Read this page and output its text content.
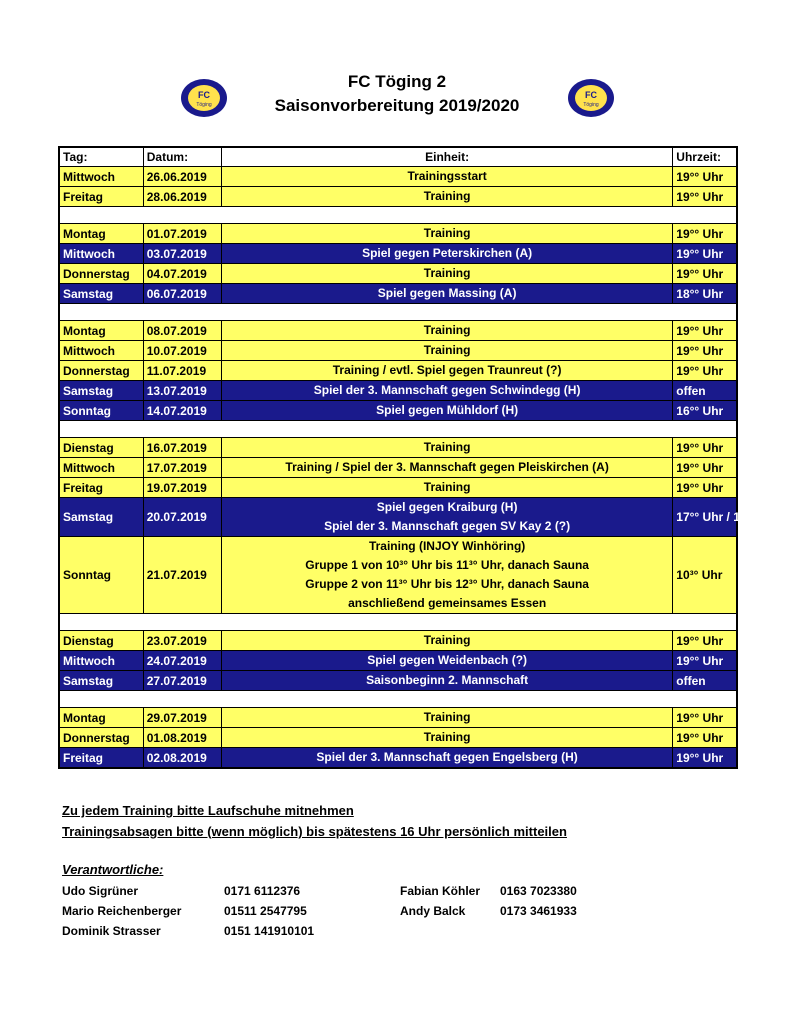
FC Töging 2
Saisonvorbereitung 2019/2020
FC
Töging
FC
Töging
Tag:	Datum:	Einheit:	Uhrzeit:
Mittwoch	26.06.2019	Trainingsstart	19°° Uhr
Freitag	28.06.2019	Training	19°° Uhr

Montag	01.07.2019	Training	19°° Uhr
Mittwoch	03.07.2019	Spiel gegen Peterskirchen (A)	19°° Uhr
Donnerstag	04.07.2019	Training	19°° Uhr
Samstag	06.07.2019	Spiel gegen Massing (A)	18°° Uhr

Montag	08.07.2019	Training	19°° Uhr
Mittwoch	10.07.2019	Training	19°° Uhr
Donnerstag	11.07.2019	Training / evtl. Spiel gegen Traunreut (?)	19°° Uhr
Samstag	13.07.2019	Spiel der 3. Mannschaft gegen Schwindegg (H)	offen
Sonntag	14.07.2019	Spiel gegen Mühldorf (H)	16°° Uhr

Dienstag	16.07.2019	Training	19°° Uhr
Mittwoch	17.07.2019	Training / Spiel der 3. Mannschaft gegen Pleiskirchen (A)	19°° Uhr
Freitag	19.07.2019	Training	19°° Uhr
Samstag	20.07.2019	Spiel gegen Kraiburg (H)
Spiel der 3. Mannschaft gegen SV Kay 2 (?)	17°° Uhr / 15°° Uhr
Sonntag	21.07.2019	Training (INJOY Winhöring)
Gruppe 1 von 10³° Uhr bis 11³° Uhr, danach Sauna
Gruppe 2 von 11³° Uhr bis 12³° Uhr, danach Sauna
anschließend gemeinsames Essen	10³° Uhr

Dienstag	23.07.2019	Training	19°° Uhr
Mittwoch	24.07.2019	Spiel gegen Weidenbach (?)	19°° Uhr
Samstag	27.07.2019	Saisonbeginn 2. Mannschaft	offen

Montag	29.07.2019	Training	19°° Uhr
Donnerstag	01.08.2019	Training	19°° Uhr
Freitag	02.08.2019	Spiel der 3. Mannschaft gegen Engelsberg (H)	19°° Uhr
Zu jedem Training bitte Laufschuhe mitnehmen
Trainingsabsagen bitte (wenn möglich) bis spätestens 16 Uhr persönlich mitteilen
Verantwortliche:
Udo Sigrüner	0171 6112376
Mario Reichenberger	01511 2547795
Dominik Strasser	0151 141910101
Fabian Köhler 0163 7023380
Andy Balck	0173 3461933
